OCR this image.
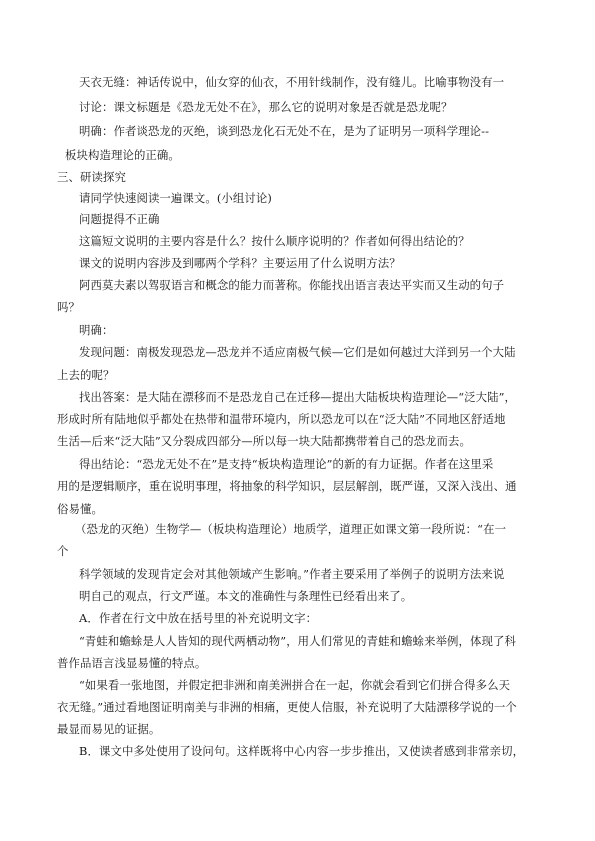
天衣无缝：神话传说中，仙女穿的仙衣，不用针线制作，没有缝儿。比喻事物没有一
讨论：课文标题是《恐龙无处不在》，那么它的说明对象是否就是恐龙呢？
明确：作者谈恐龙的灭绝，谈到恐龙化石无处不在，是为了证明另一项科学理论--
板块构造理论的正确。
三、研读探究
请同学快速阅读一遍课文。(小组讨论)
问题提得不正确
这篇短文说明的主要内容是什么？按什么顺序说明的？作者如何得出结论的？
课文的说明内容涉及到哪两个学科？主要运用了什么说明方法？
阿西莫夫素以驾驭语言和概念的能力而著称。你能找出语言表达平实而又生动的句子
吗？
明确：
发现问题：南极发现恐龙—恐龙并不适应南极气候—它们是如何越过大洋到另一个大陆
上去的呢？
找出答案：是大陆在漂移而不是恐龙自己在迁移—提出大陆板块构造理论—“泛大陆”，
形成时所有陆地似乎都处在热带和温带环境内，所以恐龙可以在“泛大陆”不同地区舒适地
生活—后来“泛大陆”又分裂成四部分—所以每一块大陆都携带着自己的恐龙而去。
得出结论：“恐龙无处不在”是支持“板块构造理论”的新的有力证据。作者在这里采
用的是逻辑顺序，重在说明事理，将抽象的科学知识，层层解剖，既严谨，又深入浅出、通
俗易懂。
（恐龙的灭绝）生物学—（板块构造理论）地质学，道理正如课文第一段所说：“在一
个
科学领域的发现肯定会对其他领域产生影响。”作者主要采用了举例子的说明方法来说
明自己的观点，行文严谨。本文的准确性与条理性已经看出来了。
A．作者在行文中放在括号里的补充说明文字：
“青蛙和蟾蜍是人人皆知的现代两栖动物”，用人们常见的青蛙和蟾蜍来举例，体现了科
普作品语言浅显易懂的特点。
“如果看一张地图，并假定把非洲和南美洲拼合在一起，你就会看到它们拼合得多么天
衣无缝。”通过看地图证明南美与非洲的相痛，更使人信服，补充说明了大陆漂移学说的一个
最显而易见的证据。
B．课文中多处使用了设问句。这样既将中心内容一步步推出，又使读者感到非常亲切，
